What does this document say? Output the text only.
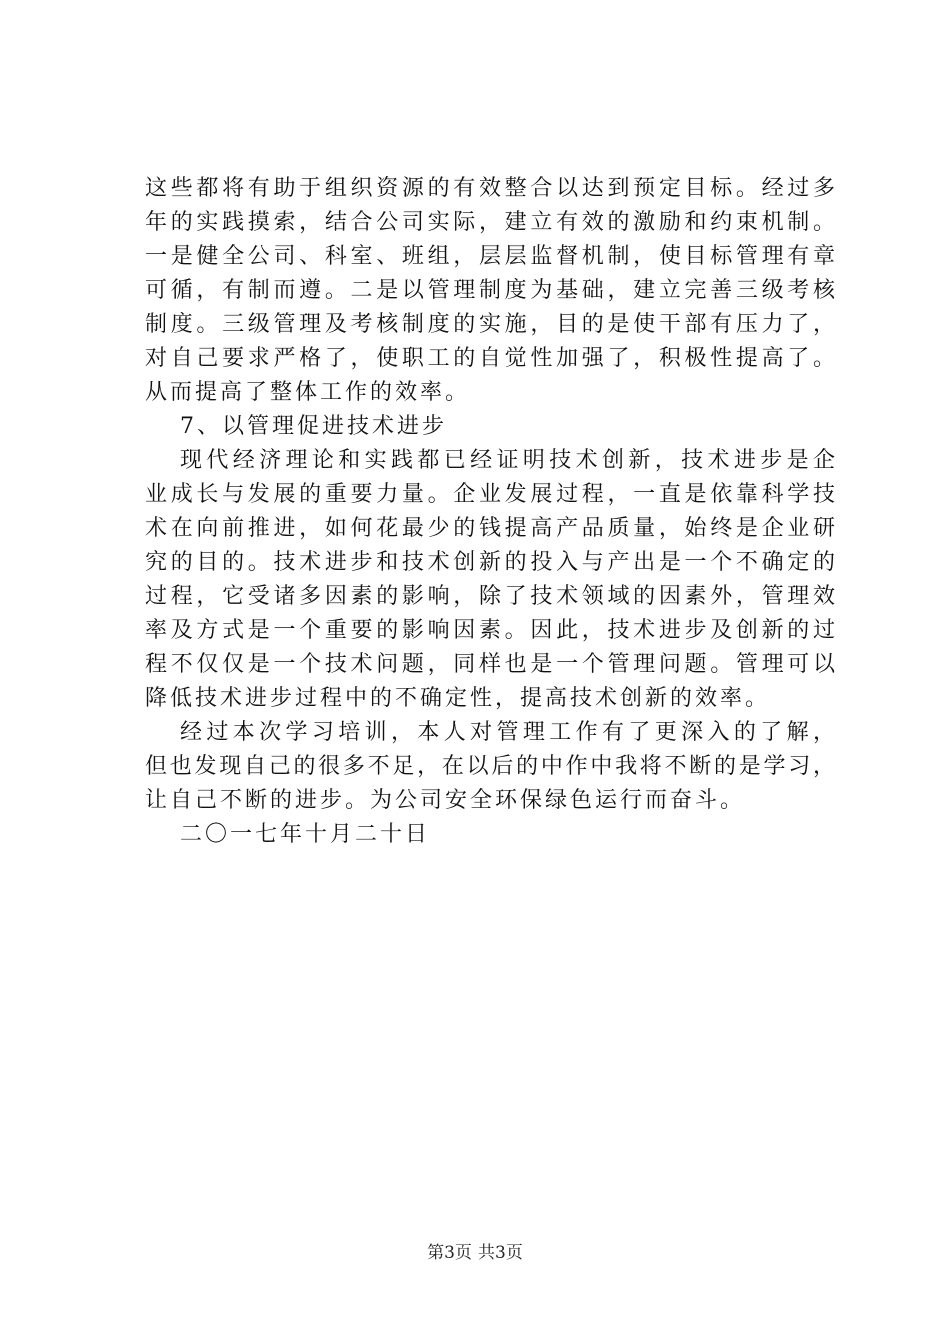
这些都将有助于组织资源的有效整合以达到预定目标。经过多
年的实践摸索，结合公司实际，建立有效的激励和约束机制。
一是健全公司、科室、班组，层层监督机制，使目标管理有章
可循，有制而遵。二是以管理制度为基础，建立完善三级考核
制度。三级管理及考核制度的实施，目的是使干部有压力了，
对自己要求严格了，使职工的自觉性加强了，积极性提高了。
从而提高了整体工作的效率。
7、以管理促进技术进步
现代经济理论和实践都已经证明技术创新，技术进步是企
业成长与发展的重要力量。企业发展过程，一直是依靠科学技
术在向前推进，如何花最少的钱提高产品质量，始终是企业研
究的目的。技术进步和技术创新的投入与产出是一个不确定的
过程，它受诸多因素的影响，除了技术领域的因素外，管理效
率及方式是一个重要的影响因素。因此，技术进步及创新的过
程不仅仅是一个技术问题，同样也是一个管理问题。管理可以
降低技术进步过程中的不确定性，提高技术创新的效率。
经过本次学习培训，本人对管理工作有了更深入的了解，
但也发现自己的很多不足，在以后的中作中我将不断的是学习，
让自己不断的进步。为公司安全环保绿色运行而奋斗。
二〇一七年十月二十日
第3页 共3页
